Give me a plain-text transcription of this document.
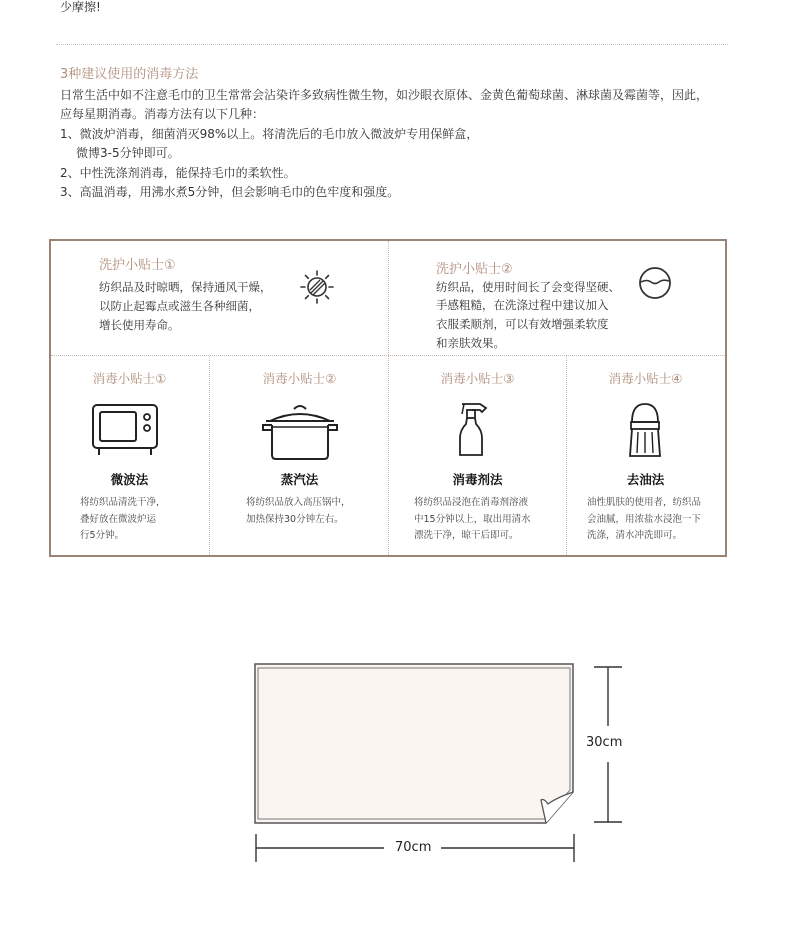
少摩擦!
3种建议使用的消毒方法
日常生活中如不注意毛巾的卫生常常会沾染许多致病性微生物，如沙眼衣原体、金黄色葡萄球菌、淋球菌及霉菌等，因此，
应每星期消毒。消毒方法有以下几种：
1、微波炉消毒，细菌消灭98%以上。将清洗后的毛巾放入微波炉专用保鲜盒，
微博3-5分钟即可。
2、中性洗涤剂消毒，能保持毛巾的柔软性。
3、高温消毒，用沸水煮5分钟，但会影响毛巾的色牢度和强度。
洗护小贴士①
纺织品及时晾晒，保持通风干燥，
以防止起霉点或滋生各种细菌，
增长使用寿命。
洗护小贴士②
纺织品，使用时间长了会变得坚硬、
手感粗糙，在洗涤过程中建议加入
衣服柔顺剂，可以有效增强柔软度
和亲肤效果。
消毒小贴士①
微波法
将纺织品清洗干净，
叠好放在微波炉运
行5分钟。
消毒小贴士②
蒸汽法
将纺织品放入高压锅中，
加热保持30分钟左右。
消毒小贴士③
消毒剂法
将纺织品浸泡在消毒剂溶液
中15分钟以上，取出用清水
漂洗干净，晾干后即可。
消毒小贴士④
去油法
油性肌肤的使用者，纺织品
会油腻，用浓盐水浸泡一下
洗涤，清水冲洗即可。
30cm
70cm
